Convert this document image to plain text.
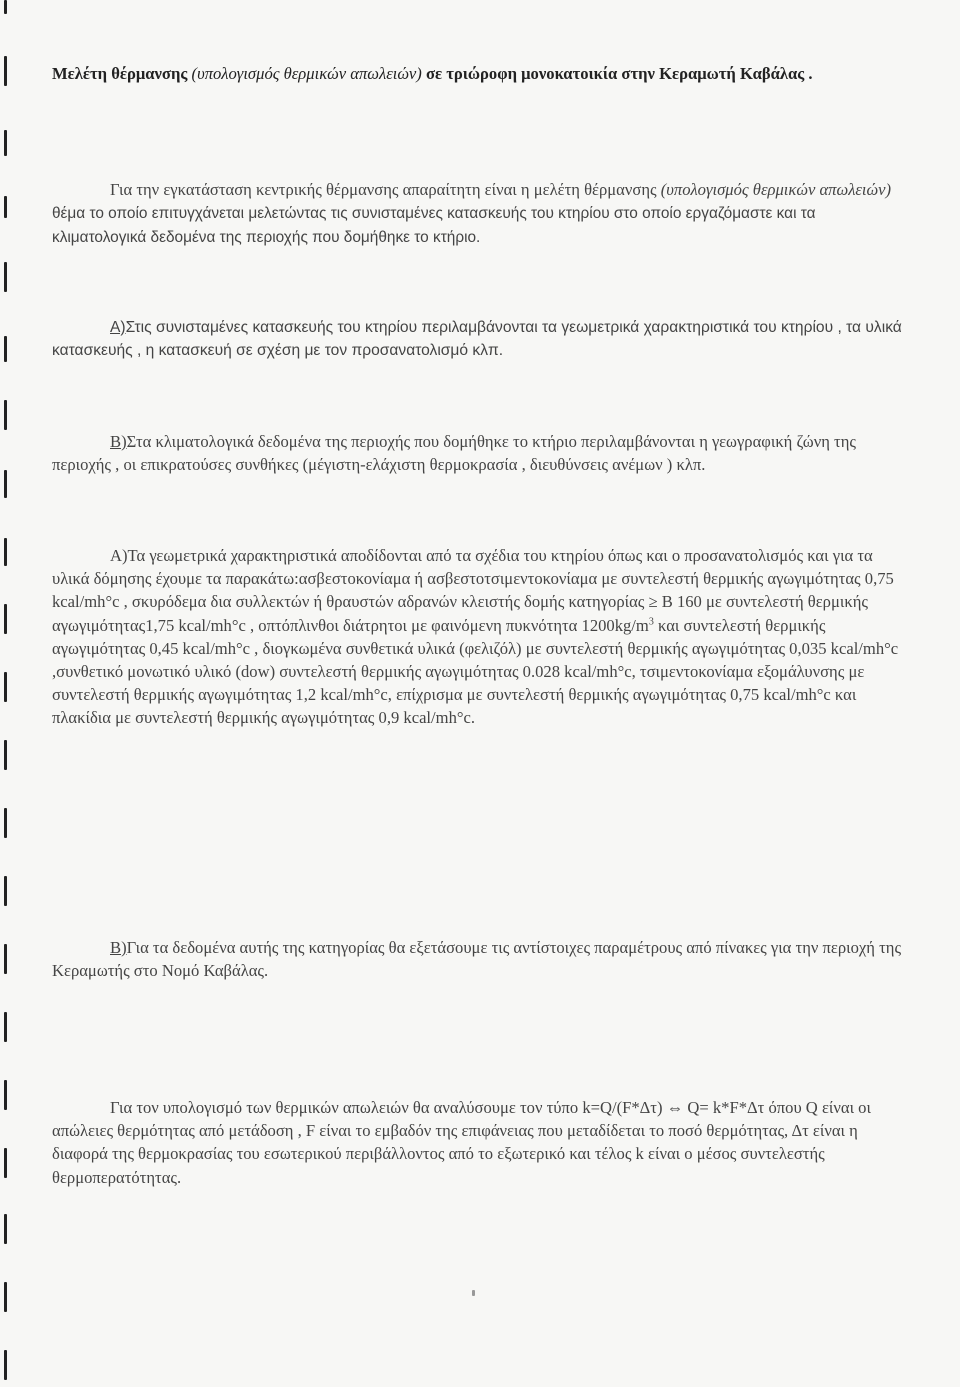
Μελέτη θέρμανσης (υπολογισμός θερμικών απωλειών) σε τριώροφη μονοκατοικία στην Κεραμωτή Καβάλας .

Για την εγκατάσταση κεντρικής θέρμανσης απαραίτητη είναι η μελέτη θέρμανσης (υπολογισμός θερμικών απωλειών) θέμα το οποίο επιτυγχάνεται μελετώντας τις συνισταμένες κατασκευής του κτηρίου στο οποίο εργαζόμαστε και τα κλιματολογικά δεδομένα της περιοχής που δομήθηκε το κτήριο.

A)Στις συνισταμένες κατασκευής του κτηρίου περιλαμβάνονται τα γεωμετρικά χαρακτηριστικά του κτηρίου , τα υλικά κατασκευής , η κατασκευή σε σχέση με τον προσανατολισμό κλπ.

B)Στα κλιματολογικά δεδομένα της περιοχής που δομήθηκε το κτήριο περιλαμβάνονται η γεωγραφική ζώνη της περιοχής , οι επικρατούσες συνθήκες (μέγιστη-ελάχιστη θερμοκρασία , διευθύνσεις ανέμων ) κλπ.

A)Τα γεωμετρικά χαρακτηριστικά αποδίδονται από τα σχέδια του κτηρίου όπως και ο προσανατολισμός και για τα υλικά δόμησης έχουμε τα παρακάτω:ασβεστοκονίαμα ή ασβεστοτσιμεντοκονίαμα με συντελεστή θερμικής αγωγιμότητας 0,75 kcal/mh°c , σκυρόδεμα δια συλλεκτών ή θραυστών αδρανών κλειστής δομής κατηγορίας ≥ Β 160 με συντελεστή θερμικής αγωγιμότητας1,75 kcal/mh°c , οπτόπλινθοι διάτρητοι με φαινόμενη πυκνότητα $1200kg/m^3$ και συντελεστή θερμικής αγωγιμότητας 0,45 kcal/mh°c , διογκωμένα συνθετικά υλικά (φελιζόλ) με συντελεστή θερμικής αγωγιμότητας 0,035 kcal/mh°c ,συνθετικό μονωτικό υλικό (dow) συντελεστή θερμικής αγωγιμότητας 0.028 kcal/mh°c, τσιμεντοκονίαμα εξομάλυνσης με συντελεστή θερμικής αγωγιμότητας 1,2 kcal/mh°c, επίχρισμα με συντελεστή θερμικής αγωγιμότητας 0,75 kcal/mh°c και πλακίδια με συντελεστή θερμικής αγωγιμότητας 0,9 kcal/mh°c.

B)Για τα δεδομένα αυτής της κατηγορίας θα εξετάσουμε τις αντίστοιχες παραμέτρους από πίνακες για την περιοχή της Κεραμωτής στο Νομό Καβάλας.

Για τον υπολογισμό των θερμικών απωλειών θα αναλύσουμε τον τύπο k=Q/(F*Δτ) ⇔ Q= k*F*Δτ όπου Q είναι οι απώλειες θερμότητας από μετάδοση , F είναι το εμβαδόν της επιφάνειας που μεταδίδεται το ποσό θερμότητας, Δτ είναι η διαφορά της θερμοκρασίας του εσωτερικού περιβάλλοντος από το εξωτερικό και τέλος k είναι ο μέσος συντελεστής θερμοπερατότητας.
